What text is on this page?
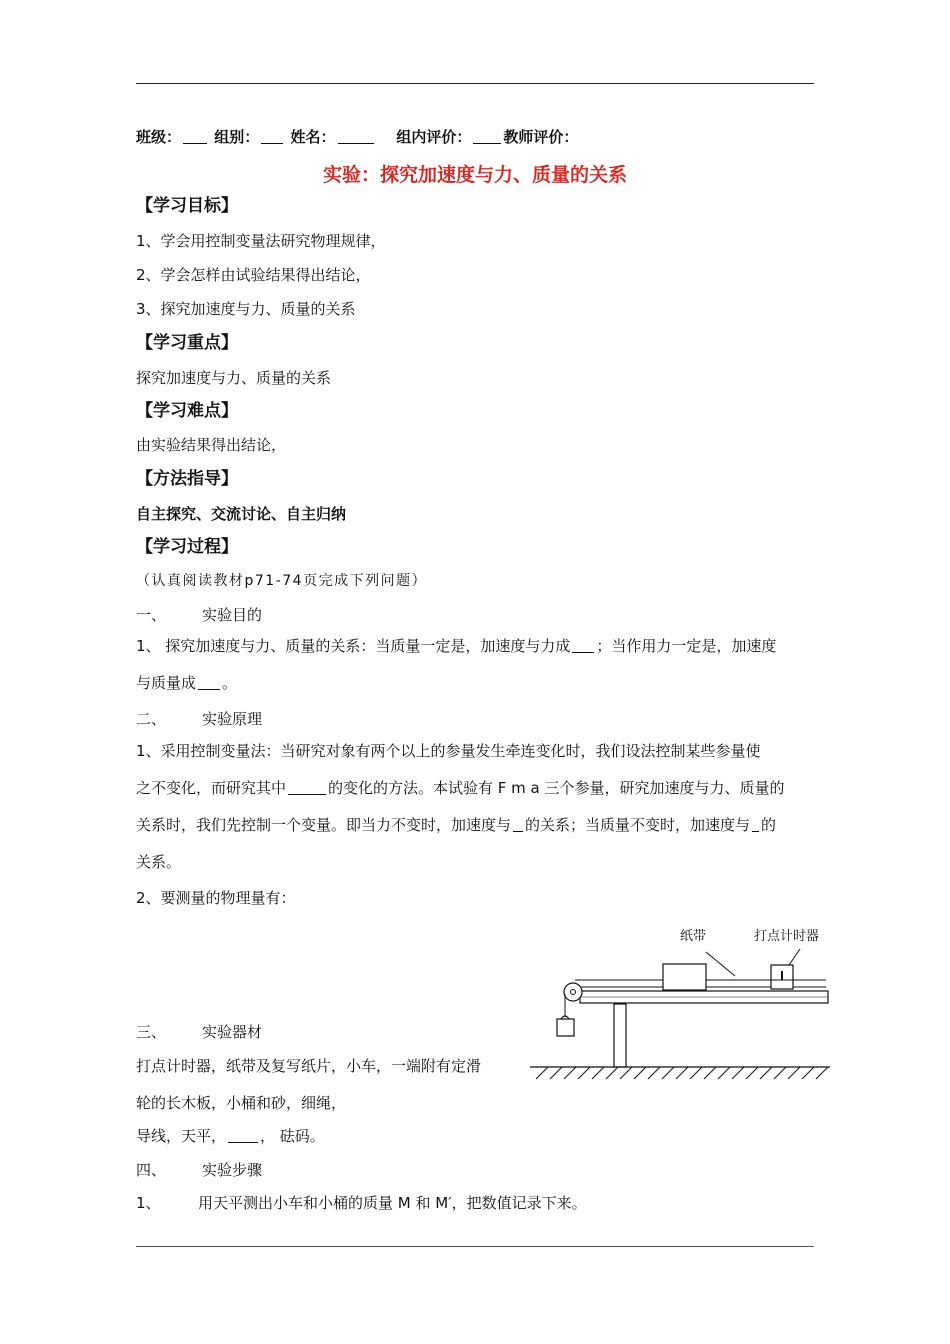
班级： 组别： 姓名：	组内评价： 教师评价：
实验：探究加速度与力、质量的关系
【学习目标】
1、学会用控制变量法研究物理规律，
2、学会怎样由试验结果得出结论，
3、探究加速度与力、质量的关系
【学习重点】
探究加速度与力、质量的关系
【学习难点】
由实验结果得出结论，
【方法指导】
自主探究、交流讨论、自主归纳
【学习过程】
（认真阅读教材p71-74页完成下列问题）
一、 实验目的
1、 探究加速度与力、质量的关系：当质量一定是，加速度与力成 ；当作用力一定是，加速度
与质量成 。
二、 实验原理
1、采用控制变量法：当研究对象有两个以上的参量发生牵连变化时，我们设法控制某些参量使
之不变化，而研究其中	的变化的方法。本试验有 F m a 三个参量，研究加速度与力、质量的
关系时，我们先控制一个变量。即当力不变时，加速度与 的关系；当质量不变时，加速度与 的
关系。
2、要测量的物理量有：
纸带	打点计时器
三、 实验器材
打点计时器，纸带及复写纸片，小车，一端附有定滑
轮的长木板，小桶和砂，细绳，
导线，天平， ， 砝码。
四、 实验步骤
1、 用天平测出小车和小桶的质量 M 和 M′，把数值记录下来。
